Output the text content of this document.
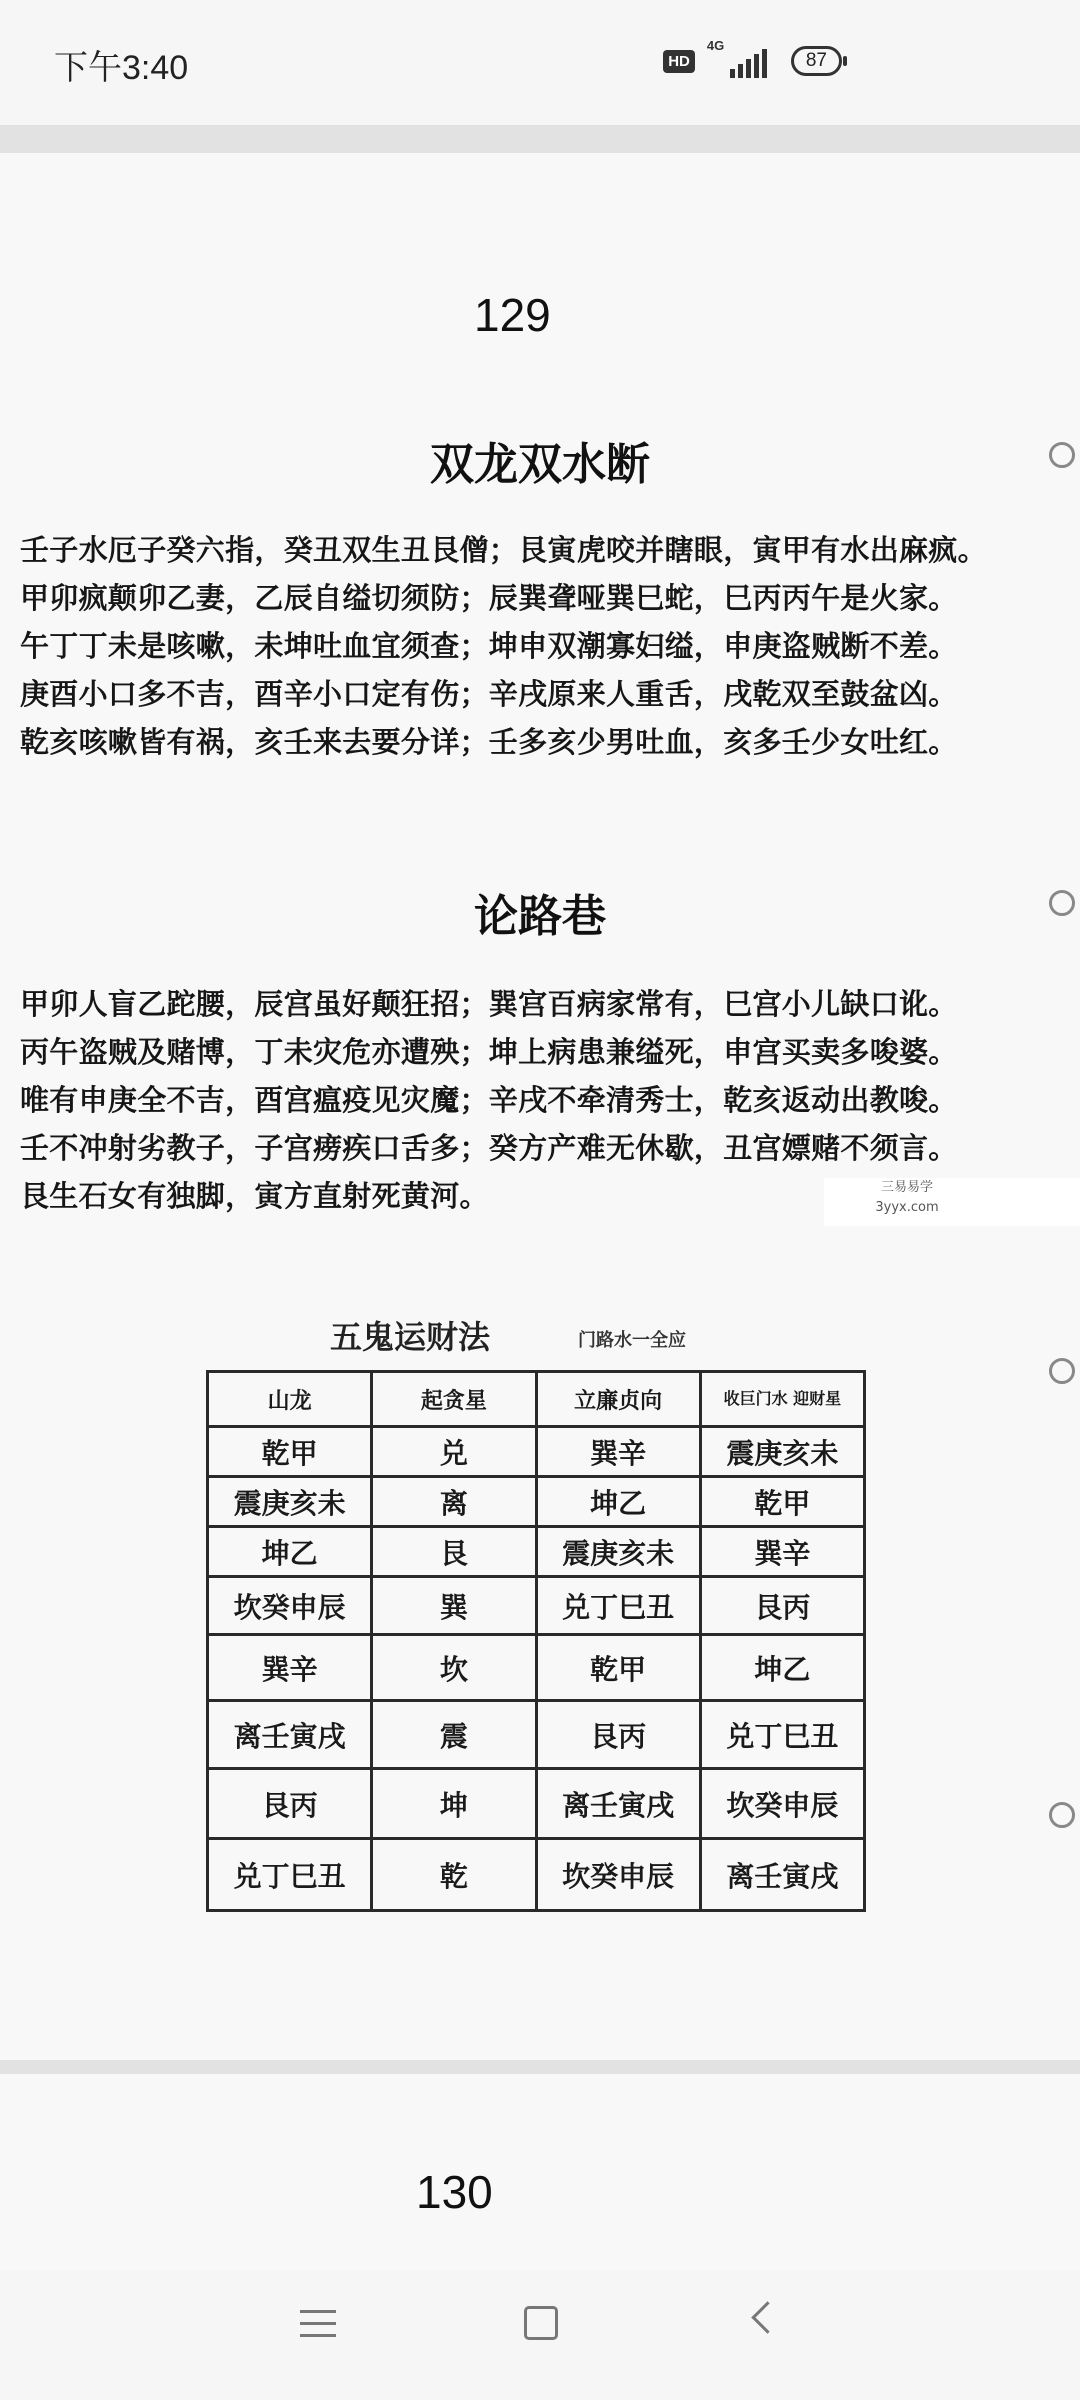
下午3:40	HD
4G
87
129
双龙双水断
壬子水厄子癸六指，癸丑双生丑艮僧；艮寅虎咬并瞎眼，寅甲有水出麻疯。
甲卯疯颠卯乙妻，乙辰自缢切须防；辰巽聋哑巽巳蛇，巳丙丙午是火家。
午丁丁未是咳嗽，未坤吐血宜须查；坤申双潮寡妇缢，申庚盗贼断不差。
庚酉小口多不吉，酉辛小口定有伤；辛戌原来人重舌，戌乾双至鼓盆凶。
乾亥咳嗽皆有祸，亥壬来去要分详；壬多亥少男吐血，亥多壬少女吐红。
论路巷
甲卯人盲乙跎腰，辰宫虽好颠狂招；巽宫百病家常有，巳宫小儿缺口讹。
丙午盗贼及赌博，丁未灾危亦遭殃；坤上病患兼缢死，申宫买卖多唆婆。
唯有申庚全不吉，酉宫瘟疫见灾魔；辛戌不牵清秀士，乾亥返动出教唆。
壬不冲射劣教子，子宫痨疾口舌多；癸方产难无休歇，丑宫嫖赌不须言。
艮生石女有独脚，寅方直射死黄河。	三易易学
3yyx.com
五鬼运财法	门路水一全应
山龙	起贪星	立廉贞向	收巨门水 迎财星
乾甲	兑	巽辛	震庚亥未
震庚亥未	离	坤乙	乾甲
坤乙	艮	震庚亥未	巽辛
坎癸申辰	巽	兑丁巳丑	艮丙
巽辛	坎	乾甲	坤乙
离壬寅戌	震	艮丙	兑丁巳丑
艮丙	坤	离壬寅戌	坎癸申辰
兑丁巳丑	乾	坎癸申辰	离壬寅戌
130
